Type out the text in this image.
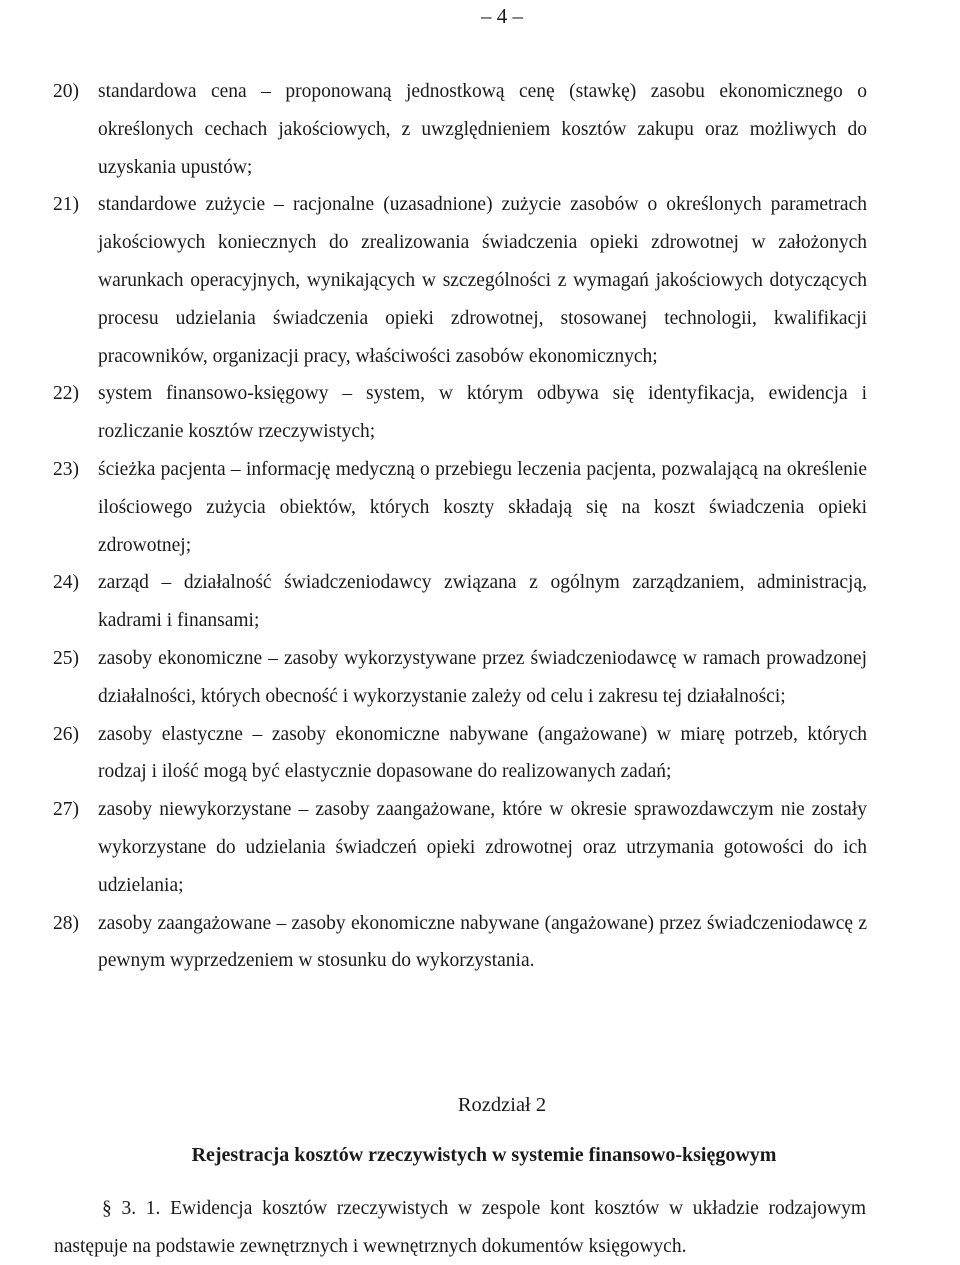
– 4 –
20) standardowa cena – proponowaną jednostkową cenę (stawkę) zasobu ekonomicznego o określonych cechach jakościowych, z uwzględnieniem kosztów zakupu oraz możliwych do uzyskania upustów;
21) standardowe zużycie – racjonalne (uzasadnione) zużycie zasobów o określonych parametrach jakościowych koniecznych do zrealizowania świadczenia opieki zdrowotnej w założonych warunkach operacyjnych, wynikających w szczególności z wymagań jakościowych dotyczących procesu udzielania świadczenia opieki zdrowotnej, stosowanej technologii, kwalifikacji pracowników, organizacji pracy, właściwości zasobów ekonomicznych;
22) system finansowo-księgowy – system, w którym odbywa się identyfikacja, ewidencja i rozliczanie kosztów rzeczywistych;
23) ścieżka pacjenta – informację medyczną o przebiegu leczenia pacjenta, pozwalającą na określenie ilościowego zużycia obiektów, których koszty składają się na koszt świadczenia opieki zdrowotnej;
24) zarząd – działalność świadczeniodawcy związana z ogólnym zarządzaniem, administracją, kadrami i finansami;
25) zasoby ekonomiczne – zasoby wykorzystywane przez świadczeniodawcę w ramach prowadzonej działalności, których obecność i wykorzystanie zależy od celu i zakresu tej działalności;
26) zasoby elastyczne – zasoby ekonomiczne nabywane (angażowane) w miarę potrzeb, których rodzaj i ilość mogą być elastycznie dopasowane do realizowanych zadań;
27) zasoby niewykorzystane – zasoby zaangażowane, które w okresie sprawozdawczym nie zostały wykorzystane do udzielania świadczeń opieki zdrowotnej oraz utrzymania gotowości do ich udzielania;
28) zasoby zaangażowane – zasoby ekonomiczne nabywane (angażowane) przez świadczeniodawcę z pewnym wyprzedzeniem w stosunku do wykorzystania.
Rozdział 2
Rejestracja kosztów rzeczywistych w systemie finansowo-księgowym
§ 3. 1. Ewidencja kosztów rzeczywistych w zespole kont kosztów w układzie rodzajowym następuje na podstawie zewnętrznych i wewnętrznych dokumentów księgowych.
